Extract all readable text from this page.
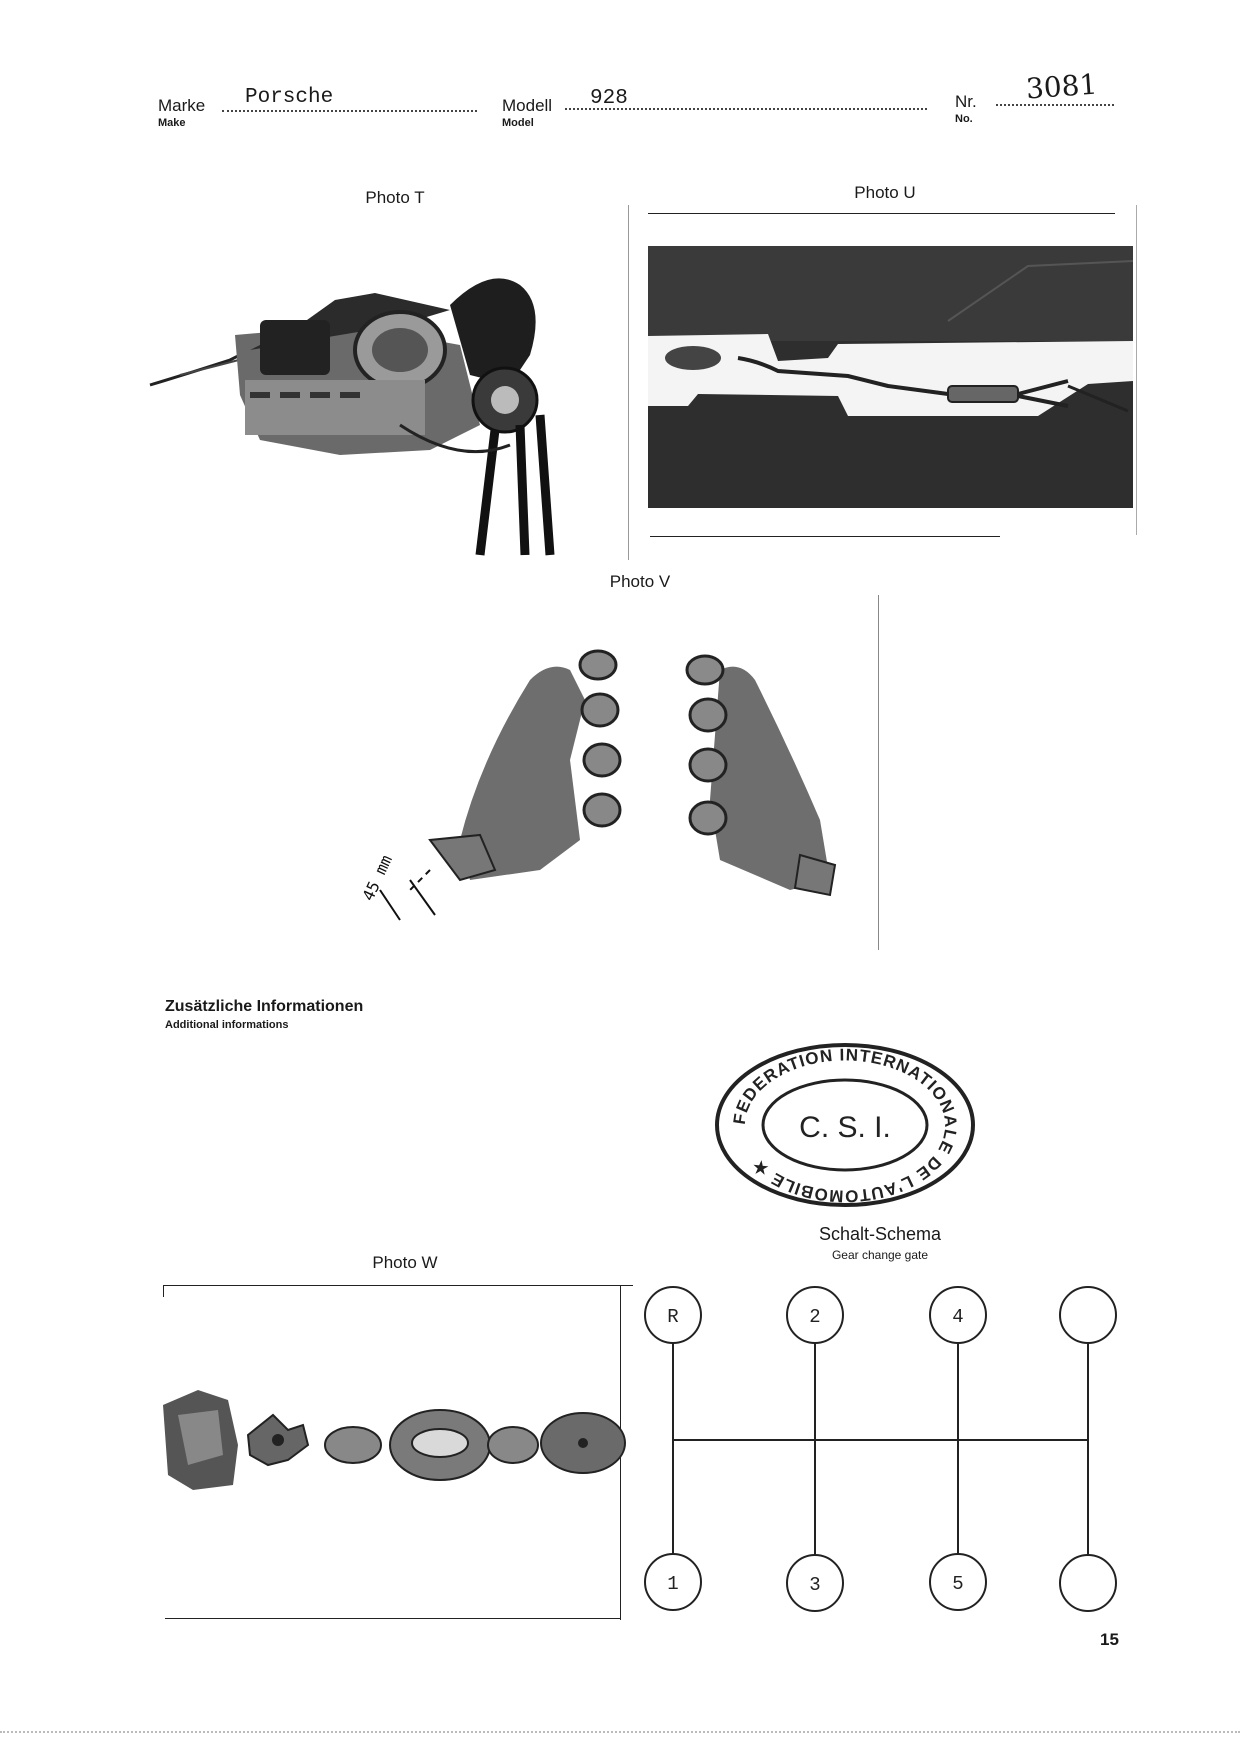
Marke
Make
Porsche	Modell
Model
928	Nr.
No.
3081
Photo T	Photo U
Photo V
45 mm
Zusätzliche Informationen
Additional informations
FEDERATION INTERNATIONALE DE L'AUTOMOBILE ★
C. S. I.
Photo W
Schalt-Schema
Gear change gate
R	2	4
1	3	5
15
